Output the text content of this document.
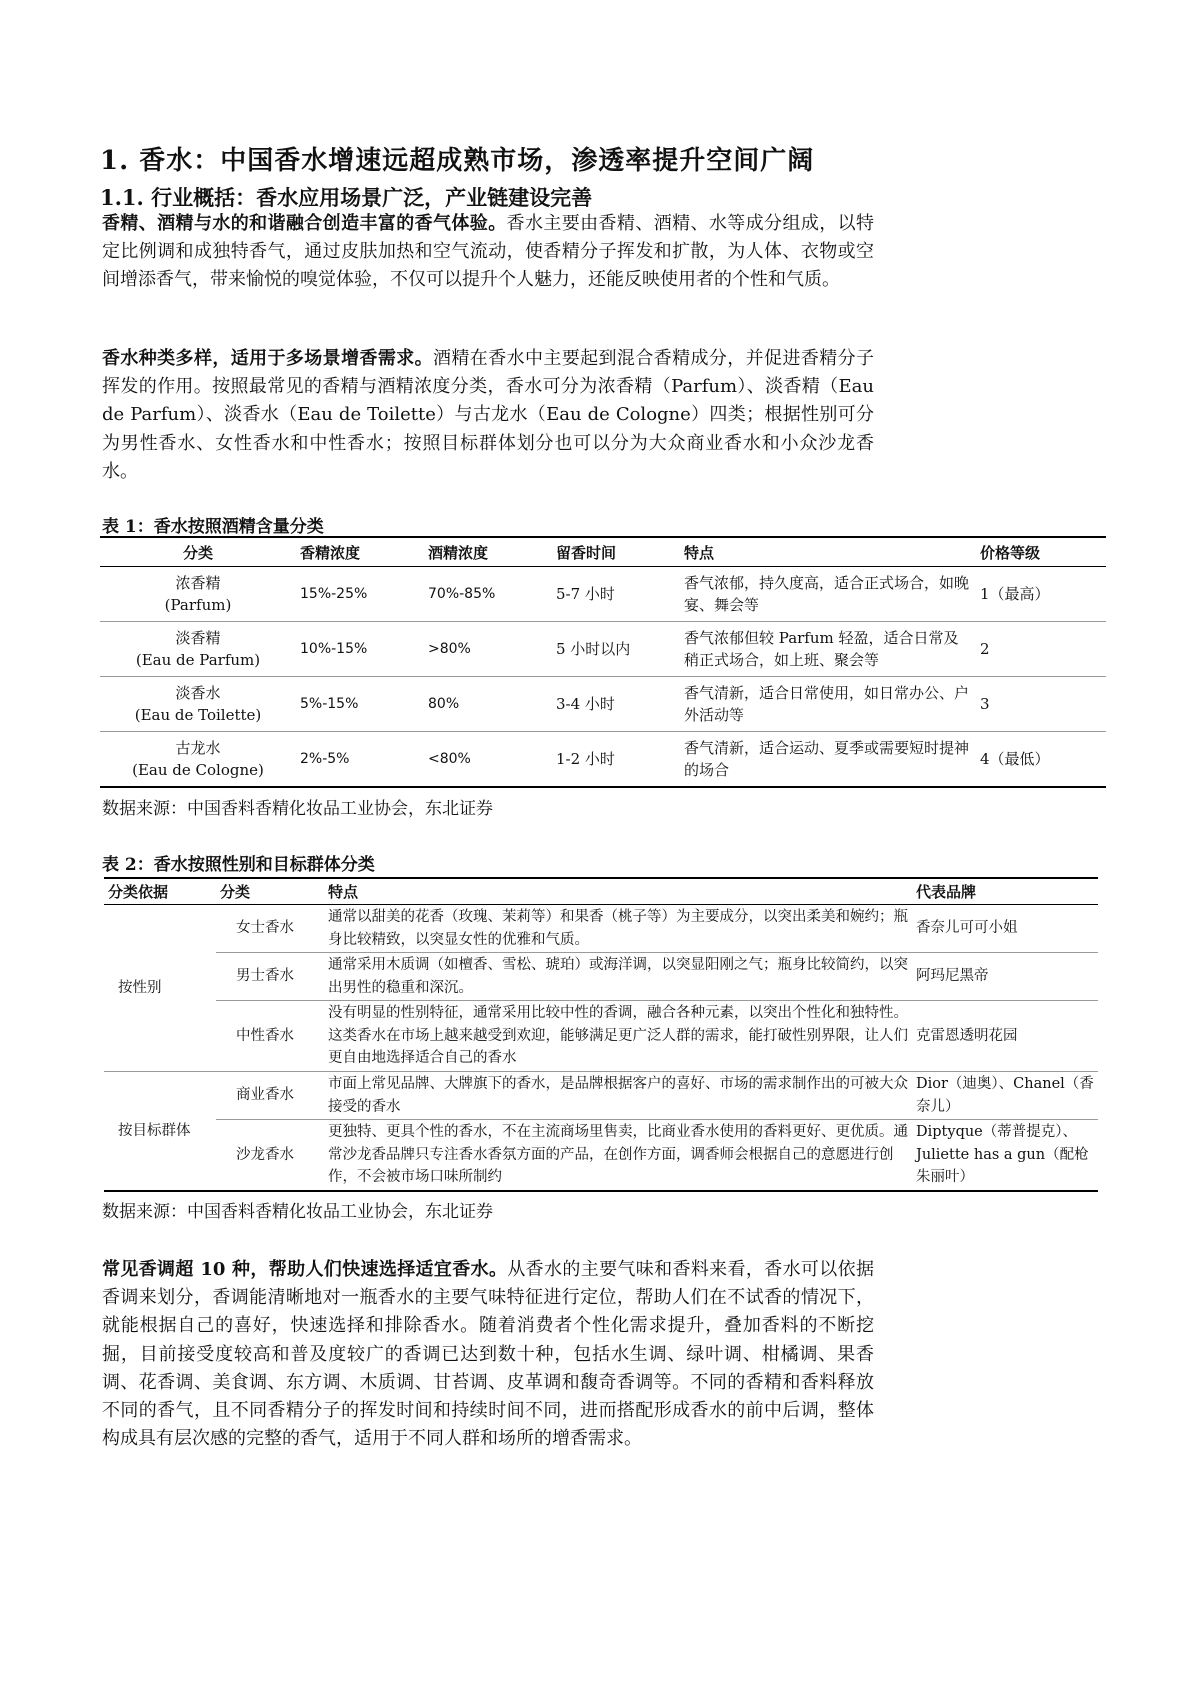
1. 香水：中国香水增速远超成熟市场，渗透率提升空间广阔
1.1. 行业概括：香水应用场景广泛，产业链建设完善
香精、酒精与水的和谐融合创造丰富的香气体验。香水主要由香精、酒精、水等成分组成，以特定比例调和成独特香气，通过皮肤加热和空气流动，使香精分子挥发和扩散，为人体、衣物或空间增添香气，带来愉悦的嗅觉体验，不仅可以提升个人魅力，还能反映使用者的个性和气质。
香水种类多样，适用于多场景增香需求。酒精在香水中主要起到混合香精成分，并促进香精分子挥发的作用。按照最常见的香精与酒精浓度分类，香水可分为浓香精（Parfum）、淡香精（Eau de Parfum）、淡香水（Eau de Toilette）与古龙水（Eau de Cologne）四类；根据性别可分为男性香水、女性香水和中性香水；按照目标群体划分也可以分为大众商业香水和小众沙龙香水。
表 1：香水按照酒精含量分类
分类	香精浓度	酒精浓度	留香时间	特点	价格等级

浓香精
(Parfum)	15%-25%	70%-85%	5-7 小时	香气浓郁，持久度高，适合正式场合，如晚宴、舞会等	1（最高）

淡香精
(Eau de Parfum)	10%-15%	>80%	5 小时以内	香气浓郁但较 Parfum 轻盈，适合日常及稍正式场合，如上班、聚会等	2

淡香水
(Eau de Toilette)	5%-15%	80%	3-4 小时	香气清新，适合日常使用，如日常办公、户外活动等	3

古龙水
(Eau de Cologne)	2%-5%	<80%	1-2 小时	香气清新，适合运动、夏季或需要短时提神的场合	4（最低）
数据来源：中国香料香精化妆品工业协会，东北证券
表 2：香水按照性别和目标群体分类
分类依据	分类	特点	代表品牌
按性别	女士香水	通常以甜美的花香（玫瑰、茉莉等）和果香（桃子等）为主要成分，以突出柔美和婉约；瓶身比较精致，以突显女性的优雅和气质。	香奈儿可可小姐
	男士香水	通常采用木质调（如檀香、雪松、琥珀）或海洋调，以突显阳刚之气；瓶身比较简约，以突出男性的稳重和深沉。	阿玛尼黑帝
	中性香水	没有明显的性别特征，通常采用比较中性的香调，融合各种元素，以突出个性化和独特性。这类香水在市场上越来越受到欢迎，能够满足更广泛人群的需求，能打破性别界限，让人们更自由地选择适合自己的香水	克雷恩透明花园
按目标群体	商业香水	市面上常见品牌、大牌旗下的香水，是品牌根据客户的喜好、市场的需求制作出的可被大众接受的香水	Dior（迪奥）、Chanel（香奈儿）
	沙龙香水	更独特、更具个性的香水，不在主流商场里售卖，比商业香水使用的香料更好、更优质。通常沙龙香品牌只专注香水香氛方面的产品，在创作方面，调香师会根据自己的意愿进行创作，不会被市场口味所制约	Diptyque（蒂普提克）、Juliette has a gun（配枪朱丽叶）
数据来源：中国香料香精化妆品工业协会，东北证券
常见香调超 10 种，帮助人们快速选择适宜香水。从香水的主要气味和香料来看，香水可以依据香调来划分，香调能清晰地对一瓶香水的主要气味特征进行定位，帮助人们在不试香的情况下，就能根据自己的喜好，快速选择和排除香水。随着消费者个性化需求提升，叠加香料的不断挖掘，目前接受度较高和普及度较广的香调已达到数十种，包括水生调、绿叶调、柑橘调、果香调、花香调、美食调、东方调、木质调、甘苔调、皮革调和馥奇香调等。不同的香精和香料释放不同的香气，且不同香精分子的挥发时间和持续时间不同，进而搭配形成香水的前中后调，整体构成具有层次感的完整的香气，适用于不同人群和场所的增香需求。
